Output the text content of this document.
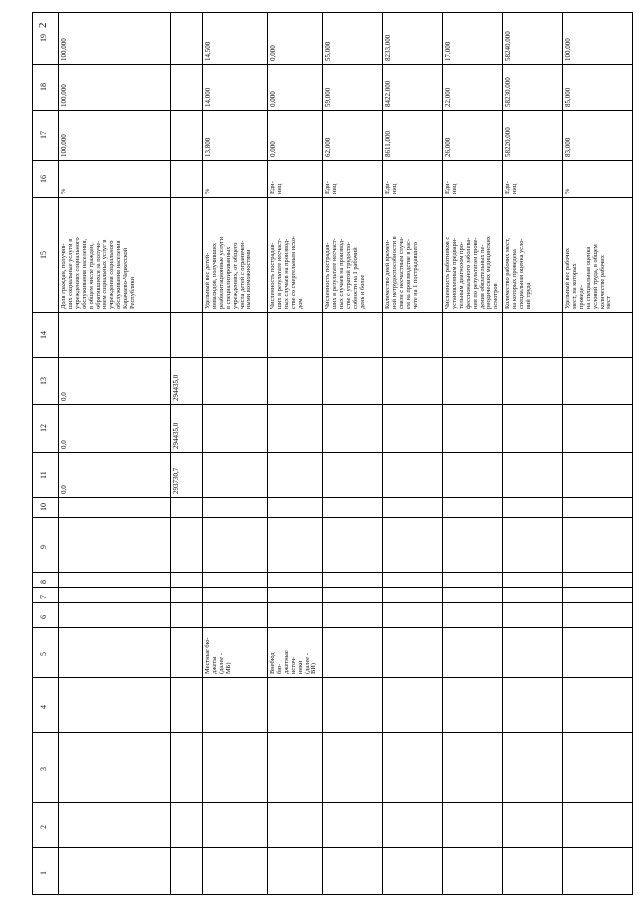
2
1
2
3
4
5
6
7
8
9
10
11
12
13
14
15
16
17
18
19
0,0
0,0
0,0
Доля граждан, получив-
ших социальные услуги в
учреждениях социального
обслуживания населения,
в общем числе граждан,
обратившихся за получе-
нием социальных услуг в
учреждения социального
обслуживания населения
Карачаево-Черкесской
Республики
%
100,000
100,000
100,000
293730,7
294435,0
294435,0
Местные бю-
джеты
(далее -
МБ)
Удельный вес детей-
инвалидов, получивших
реабилитационные услуги
в специализированных
учреждениях, от общего
числа детей с ограничен-
ными возможностями
%
13,800
14,000
14,500
Внебюд
бю-
джетные
источ-
ники
(далее -
ВИ)
Численность пострадав-
ших в результате несчаст-
ных случаев на производ-
стве со смертельным исхо-
дом
Еди-
ниц
0,000
0,000
0,000
Численность пострадав-
ших в результате несчаст-
ных случаев на производ-
стве с утратой трудоспо-
собности на 1 рабочий
день и более
Еди-
ниц
62,000
59,000
55,000
Количество дней времен-
ной нетрудоспособности в
связи с несчастным случа-
ем на производстве в рас-
чете на 1 пострадавшего
Еди-
ниц
8611,000
8422,000
8233,000
Численность работников с
установленным предвари-
тельным диагнозом про-
фессионального заболева-
ния по результатам прове-
дения обязательных пе-
риодических медицинских
осмотров
Еди-
ниц
26,000
22,000
17,000
Количество рабочих мест,
на которых проведена
специальная оценка усло-
вий труда
Еди-
ниц
58220,000
58230,000
58240,000
Удельный вес рабочих
мест, на которых проведе-
на специальная оценка
условий труда, в общем
количестве рабочих мест
%
83,000
85,000
100,000
